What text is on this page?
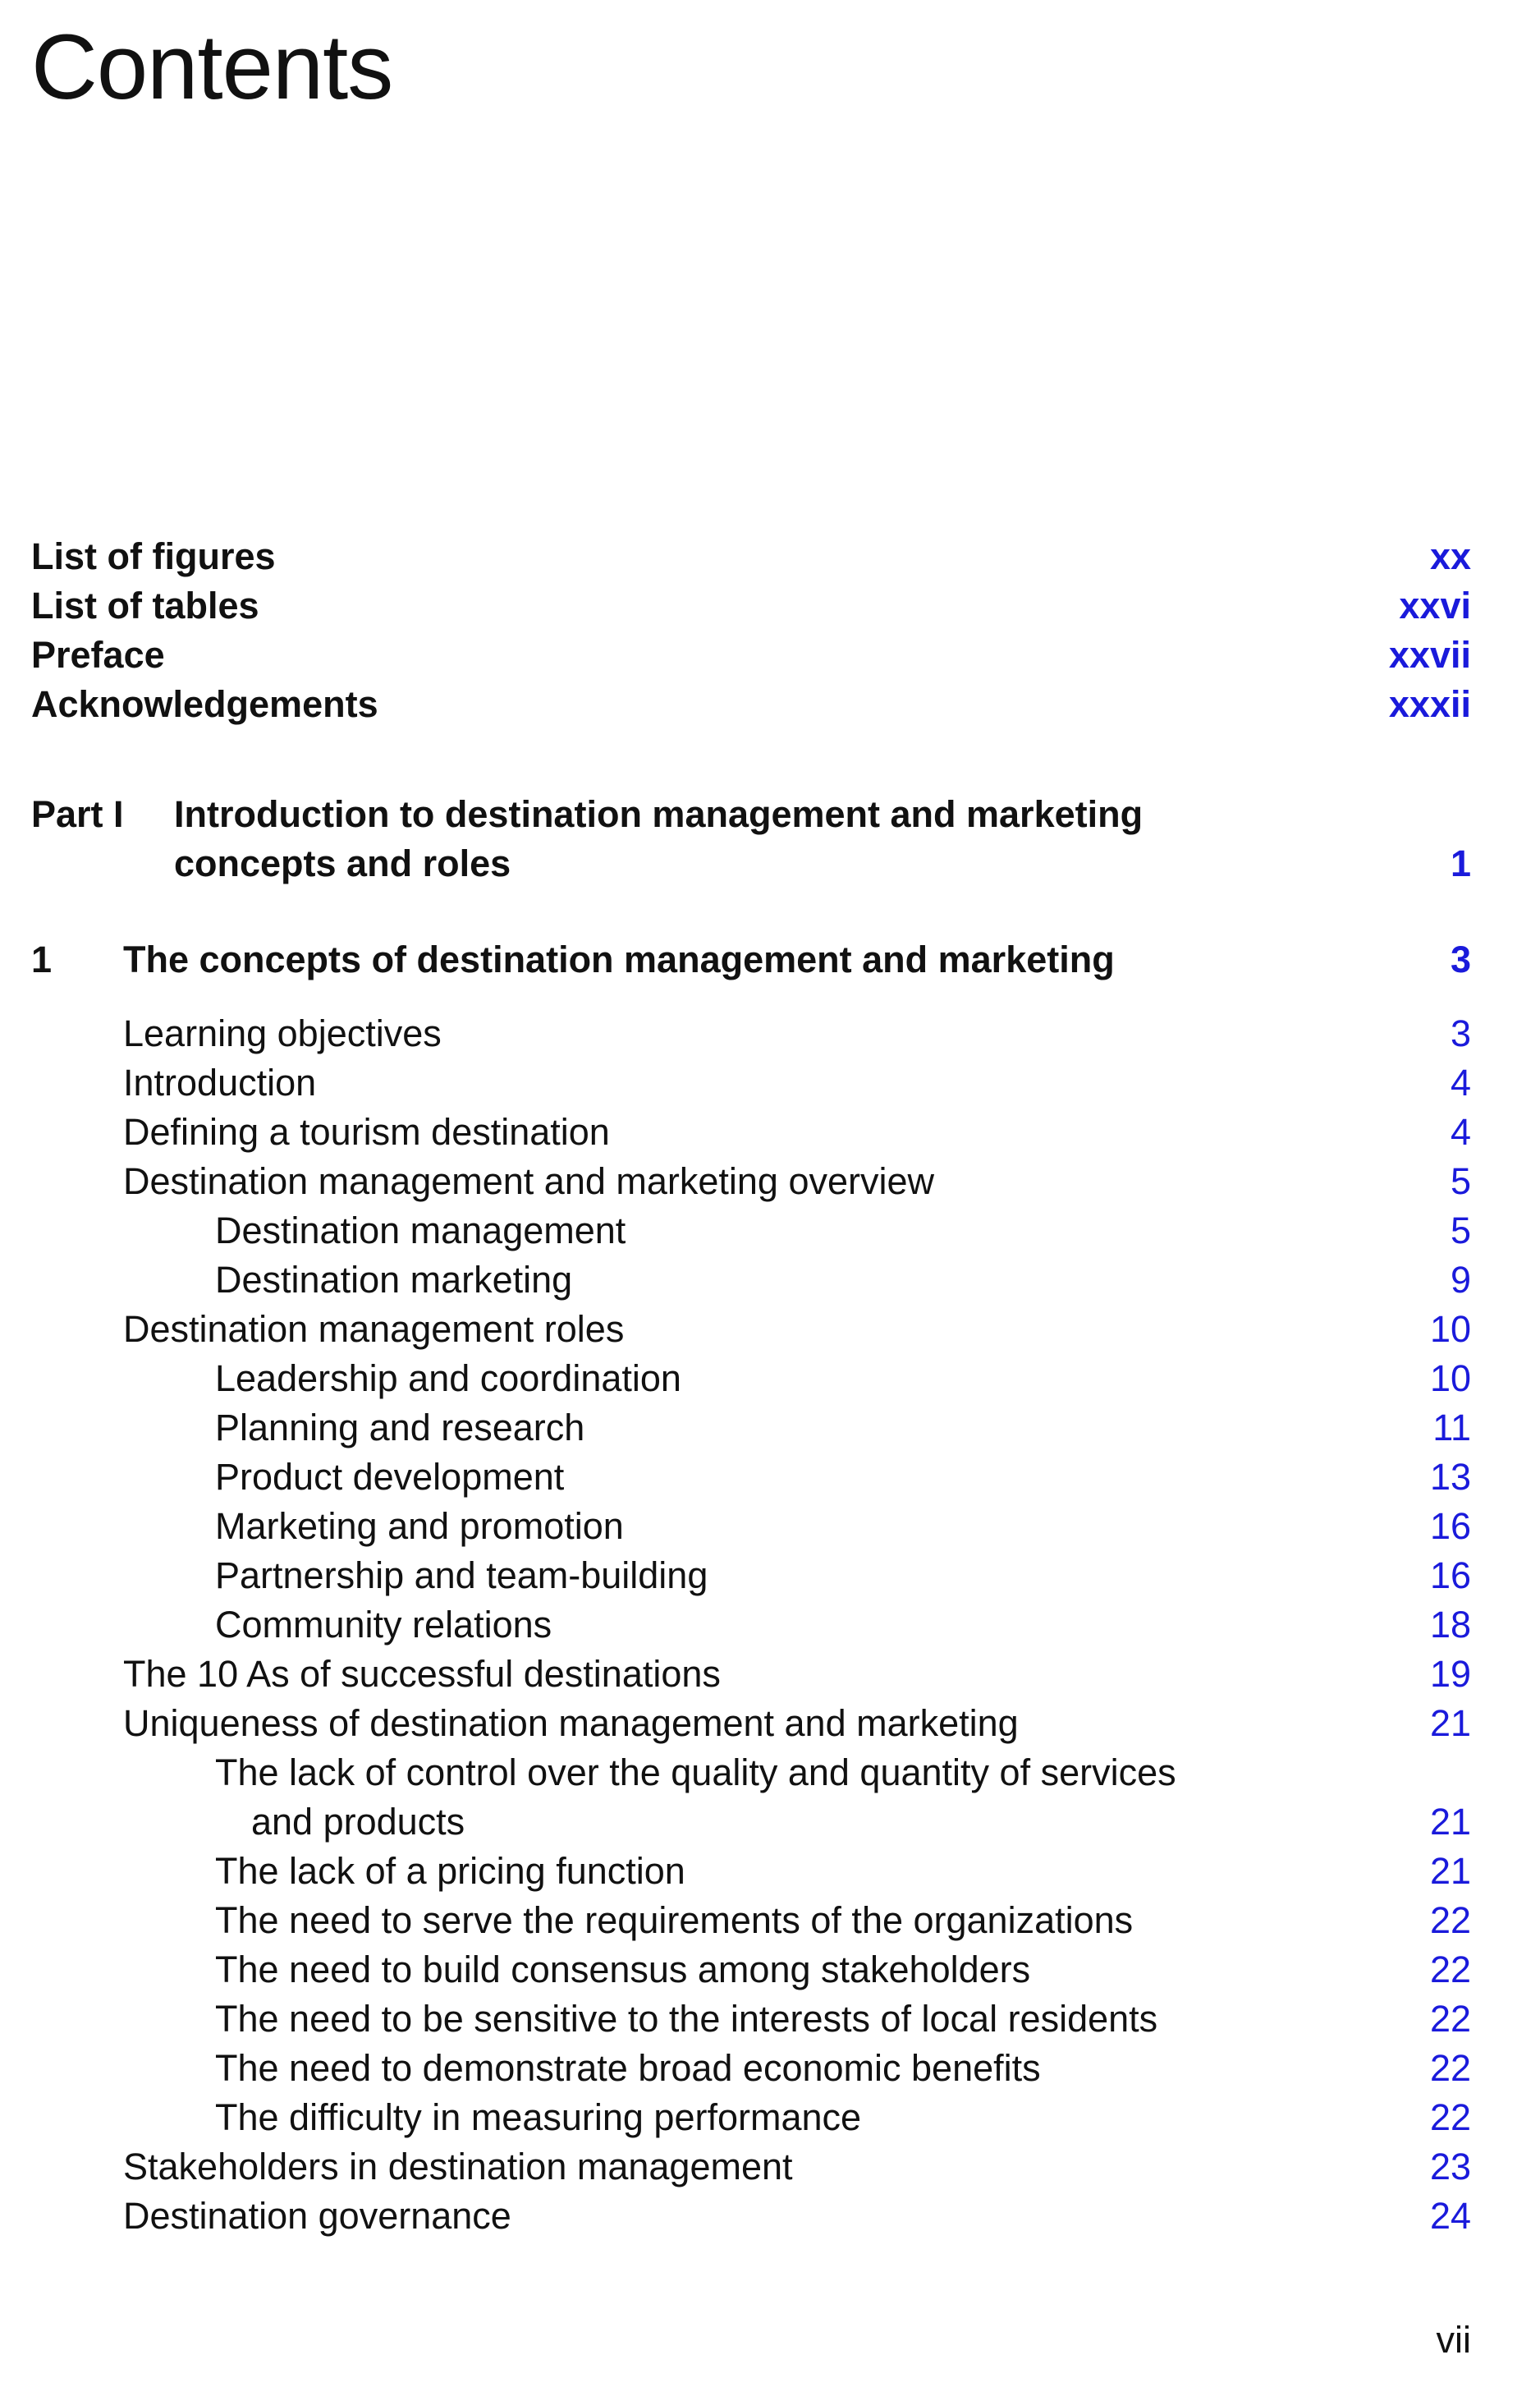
Contents
List of figures	xx
List of tables	xxvi
Preface	xxvii
Acknowledgements	xxxii
Part I Introduction to destination management and marketing
concepts and roles	1
1 The concepts of destination management and marketing	3
Learning objectives	3
Introduction	4
Defining a tourism destination	4
Destination management and marketing overview	5
Destination management	5
Destination marketing	9
Destination management roles	10
Leadership and coordination	10
Planning and research	11
Product development	13
Marketing and promotion	16
Partnership and team-building	16
Community relations	18
The 10 As of successful destinations	19
Uniqueness of destination management and marketing	21
The lack of control over the quality and quantity of services
and products	21
The lack of a pricing function	21
The need to serve the requirements of the organizations	22
The need to build consensus among stakeholders	22
The need to be sensitive to the interests of local residents	22
The need to demonstrate broad economic benefits	22
The difficulty in measuring performance	22
Stakeholders in destination management	23
Destination governance	24
vii
